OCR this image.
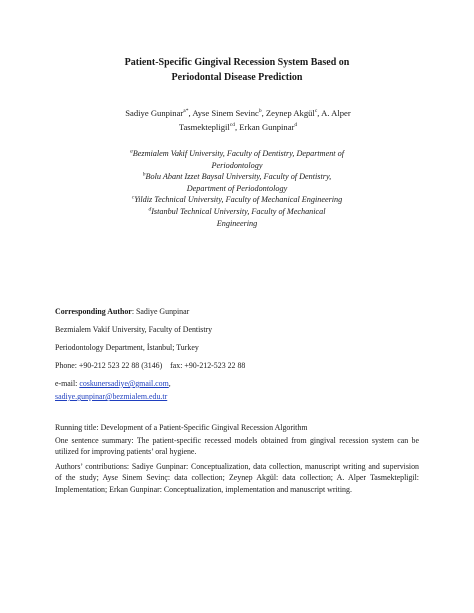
Patient-Specific Gingival Recession System Based on
Periodontal Disease Prediction
Sadiye Gunpinar$^{a*}$, Ayse Sinem Sevinc$^b$, Zeynep Akgül$^c$, A. Alper
Tasmektepligil$^{cd}$, Erkan Gunpinar$^d$
$^a$Bezmialem Vakif University, Faculty of Dentistry, Department of
Periodontology
$^b$Bolu Abant Izzet Baysal University, Faculty of Dentistry,
Department of Periodontology
$^c$Yildiz Technical University, Faculty of Mechanical Engineering
$^d$Istanbul Technical University, Faculty of Mechanical
Engineering
Corresponding Author: Sadiye Gunpinar
Bezmialem Vakif University, Faculty of Dentistry
Periodontology Department, İstanbul; Turkey
Phone: +90-212 523 22 88 (3146)    fax: +90-212-523 22 88
e-mail: coskunersadiye@gmail.com,
sadiye.gunpinar@bezmialem.edu.tr
Running title: Development of a Patient-Specific Gingival Recession Algorithm
One sentence summary: The patient-specific recessed models obtained from gingival recession system can be utilized for improving patients’ oral hygiene.
Authors’ contributions: Sadiye Gunpinar: Conceptualization, data collection, manuscript writing and supervision of the study; Ayse Sinem Sevinç: data collection; Zeynep Akgül: data collection; A. Alper Tasmektepligil: Implementation; Erkan Gunpinar: Conceptualization, implementation and manuscript writing.
